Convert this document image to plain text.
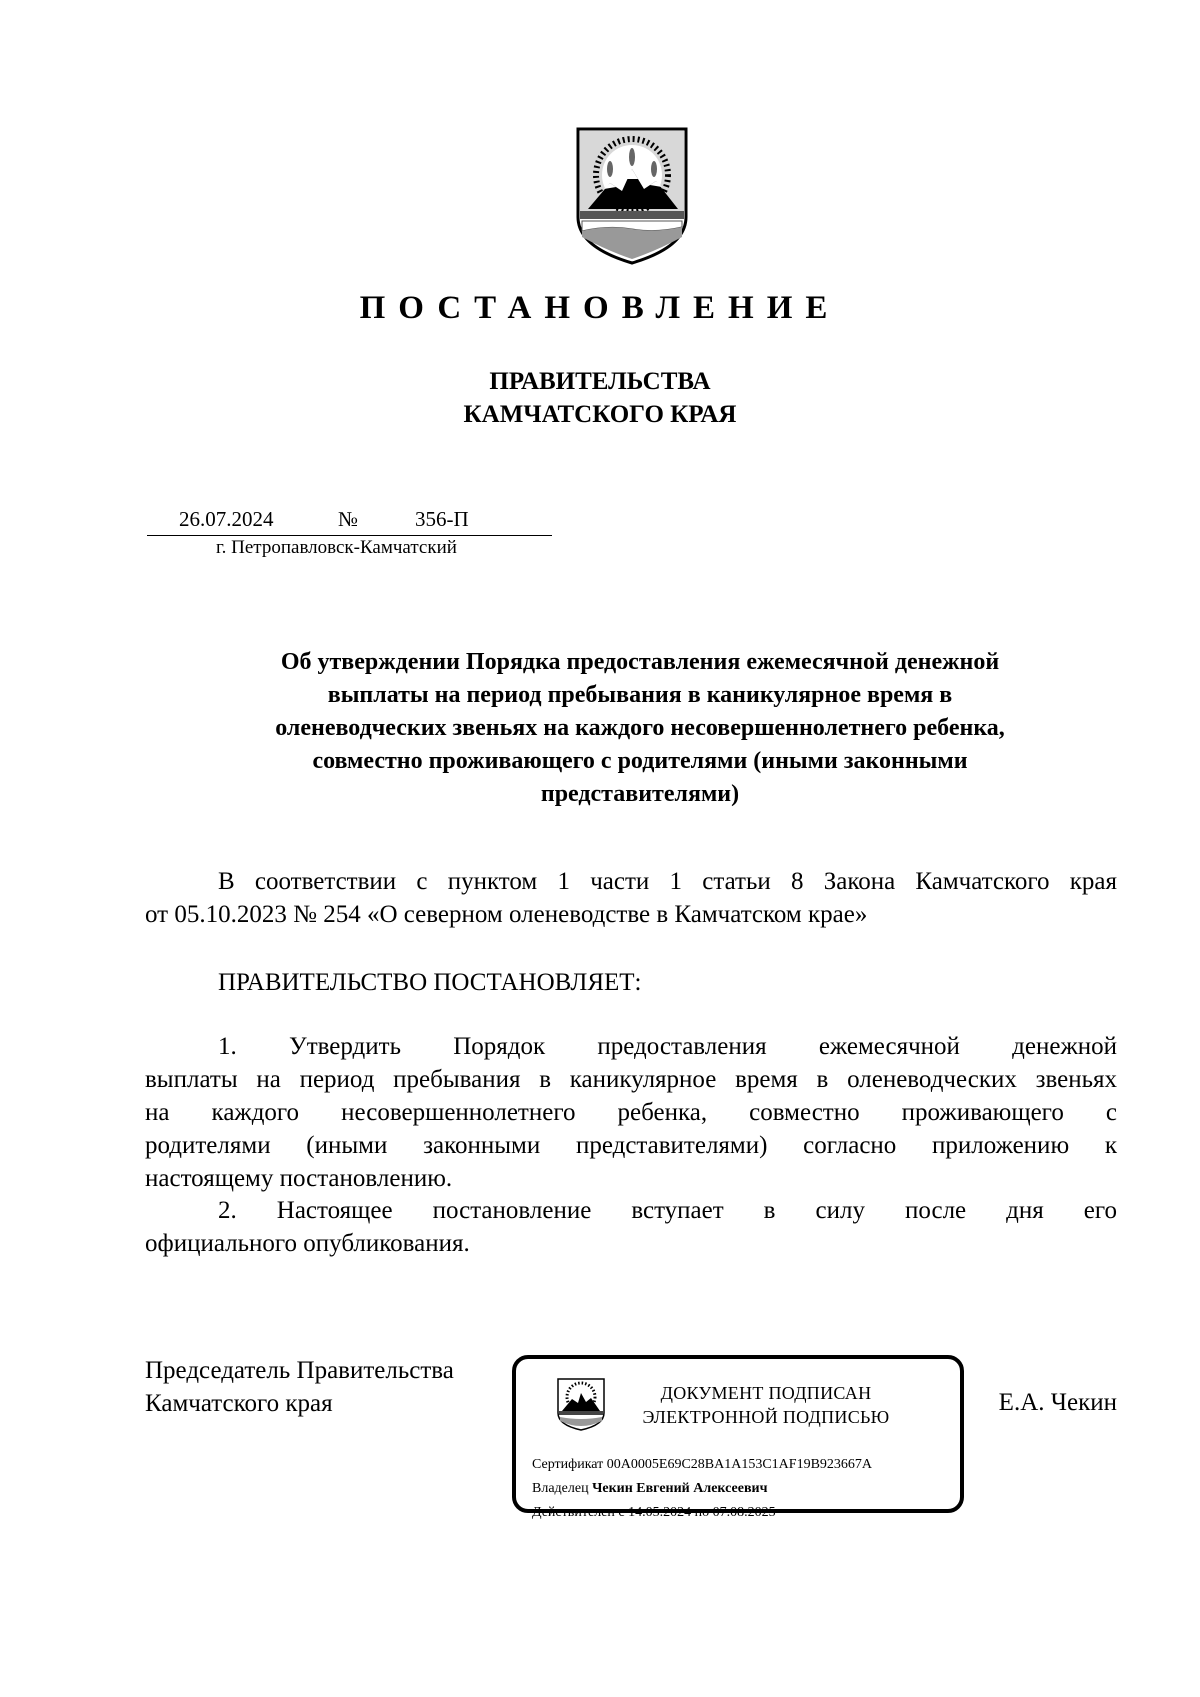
ПОСТАНОВЛЕНИЕ
ПРАВИТЕЛЬСТВА
КАМЧАТСКОГО КРАЯ
26.07.2024	№	356-П
г. Петропавловск-Камчатский
Об утверждении Порядка предоставления ежемесячной денежной
выплаты на период пребывания в каникулярное время в
оленеводческих звеньях на каждого несовершеннолетнего ребенка,
совместно проживающего с родителями (иными законными
представителями)
В соответствии с пунктом 1 части 1 статьи 8 Закона Камчатского края
от 05.10.2023 № 254 «О северном оленеводстве в Камчатском крае»
ПРАВИТЕЛЬСТВО ПОСТАНОВЛЯЕТ:
1. Утвердить Порядок предоставления ежемесячной денежной
выплаты на период пребывания в каникулярное время в оленеводческих звеньях
на каждого несовершеннолетнего ребенка, совместно проживающего с
родителями (иными законными представителями) согласно приложению к
настоящему постановлению.
2. Настоящее постановление вступает в силу после дня его
официального опубликования.
Председатель Правительства
Камчатского края	ДОКУМЕНТ ПОДПИСАН
ЭЛЕКТРОННОЙ ПОДПИСЬЮ
Сертификат 00A0005E69C28BA1A153C1AF19B923667A
Владелец Чекин Евгений Алексеевич
Действителен с 14.05.2024 по 07.08.2025
Е.А. Чекин
